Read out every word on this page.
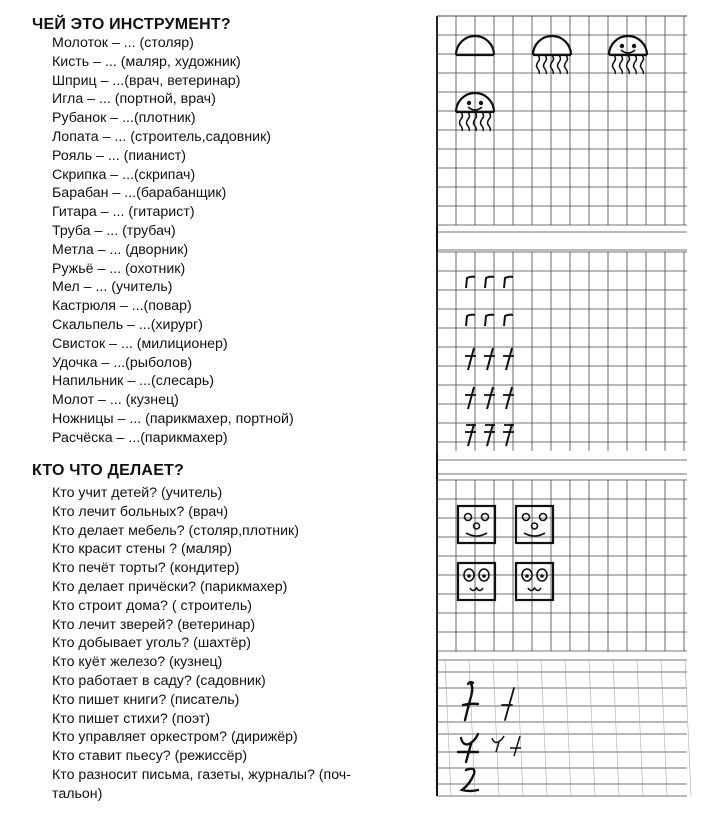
ЧЕЙ ЭТО ИНСТРУМЕНТ?
Молоток – ... (столяр)
Кисть – ... (маляр, художник)
Шприц – ...(врач, ветеринар)
Игла – ... (портной, врач)
Рубанок – ...(плотник)
Лопата – ... (строитель,садовник)
Рояль – ... (пианист)
Скрипка – ...(скрипач)
Барабан – ...(барабанщик)
Гитара – ... (гитарист)
Труба – ... (трубач)
Метла – ... (дворник)
Ружьё – ... (охотник)
Мел – ... (учитель)
Кастрюля – ...(повар)
Скальпель – ...(хирург)
Свисток – ... (милиционер)
Удочка – ...(рыболов)
Напильник – ...(слесарь)
Молот – ... (кузнец)
Ножницы – ... (парикмахер, портной)
Расчёска – ...(парикмахер)
КТО ЧТО ДЕЛАЕТ?
Кто учит детей? (учитель)
Кто лечит больных? (врач)
Кто делает мебель? (столяр,плотник)
Кто красит стены ? (маляр)
Кто печёт торты? (кондитер)
Кто делает причёски? (парикмахер)
Кто строит дома? ( строитель)
Кто лечит зверей? (ветеринар)
Кто добывает уголь? (шахтёр)
Кто куёт железо? (кузнец)
Кто работает в саду? (садовник)
Кто пишет книги? (писатель)
Кто пишет стихи? (поэт)
Кто управляет оркестром? (дирижёр)
Кто ставит пьесу? (режиссёр)
Кто разносит письма, газеты, журналы? (поч-
тальон)
